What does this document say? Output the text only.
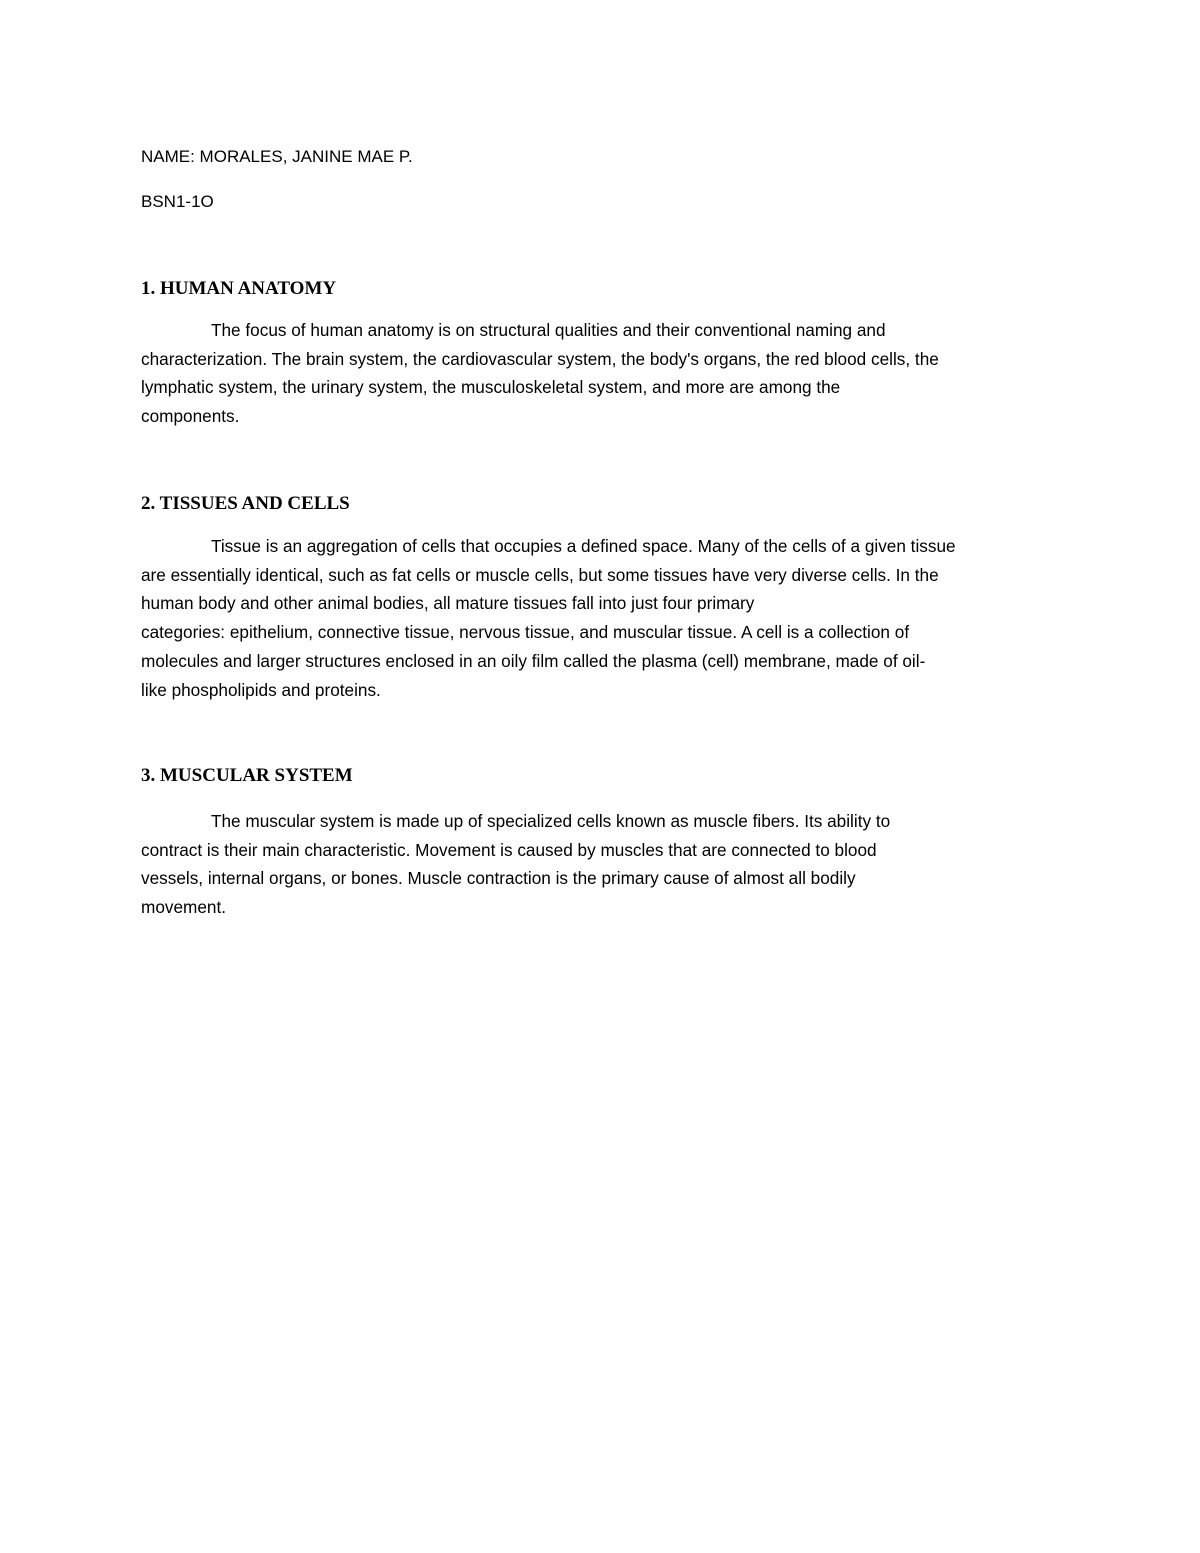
NAME: MORALES, JANINE MAE P.
BSN1-1O
1. HUMAN ANATOMY

The focus of human anatomy is on structural qualities and their conventional naming and
characterization. The brain system, the cardiovascular system, the body's organs, the red blood cells, the
lymphatic system, the urinary system, the musculoskeletal system, and more are among the
components.

2. TISSUES AND CELLS

Tissue is an aggregation of cells that occupies a defined space. Many of the cells of a given tissue
are essentially identical, such as fat cells or muscle cells, but some tissues have very diverse cells. In the
human body and other animal bodies, all mature tissues fall into just four primary
categories: epithelium, connective tissue, nervous tissue, and muscular tissue. A cell is a collection of
molecules and larger structures enclosed in an oily film called the plasma (cell) membrane, made of oil-
like phospholipids and proteins.

3. MUSCULAR SYSTEM

The muscular system is made up of specialized cells known as muscle fibers. Its ability to
contract is their main characteristic. Movement is caused by muscles that are connected to blood
vessels, internal organs, or bones. Muscle contraction is the primary cause of almost all bodily
movement.
